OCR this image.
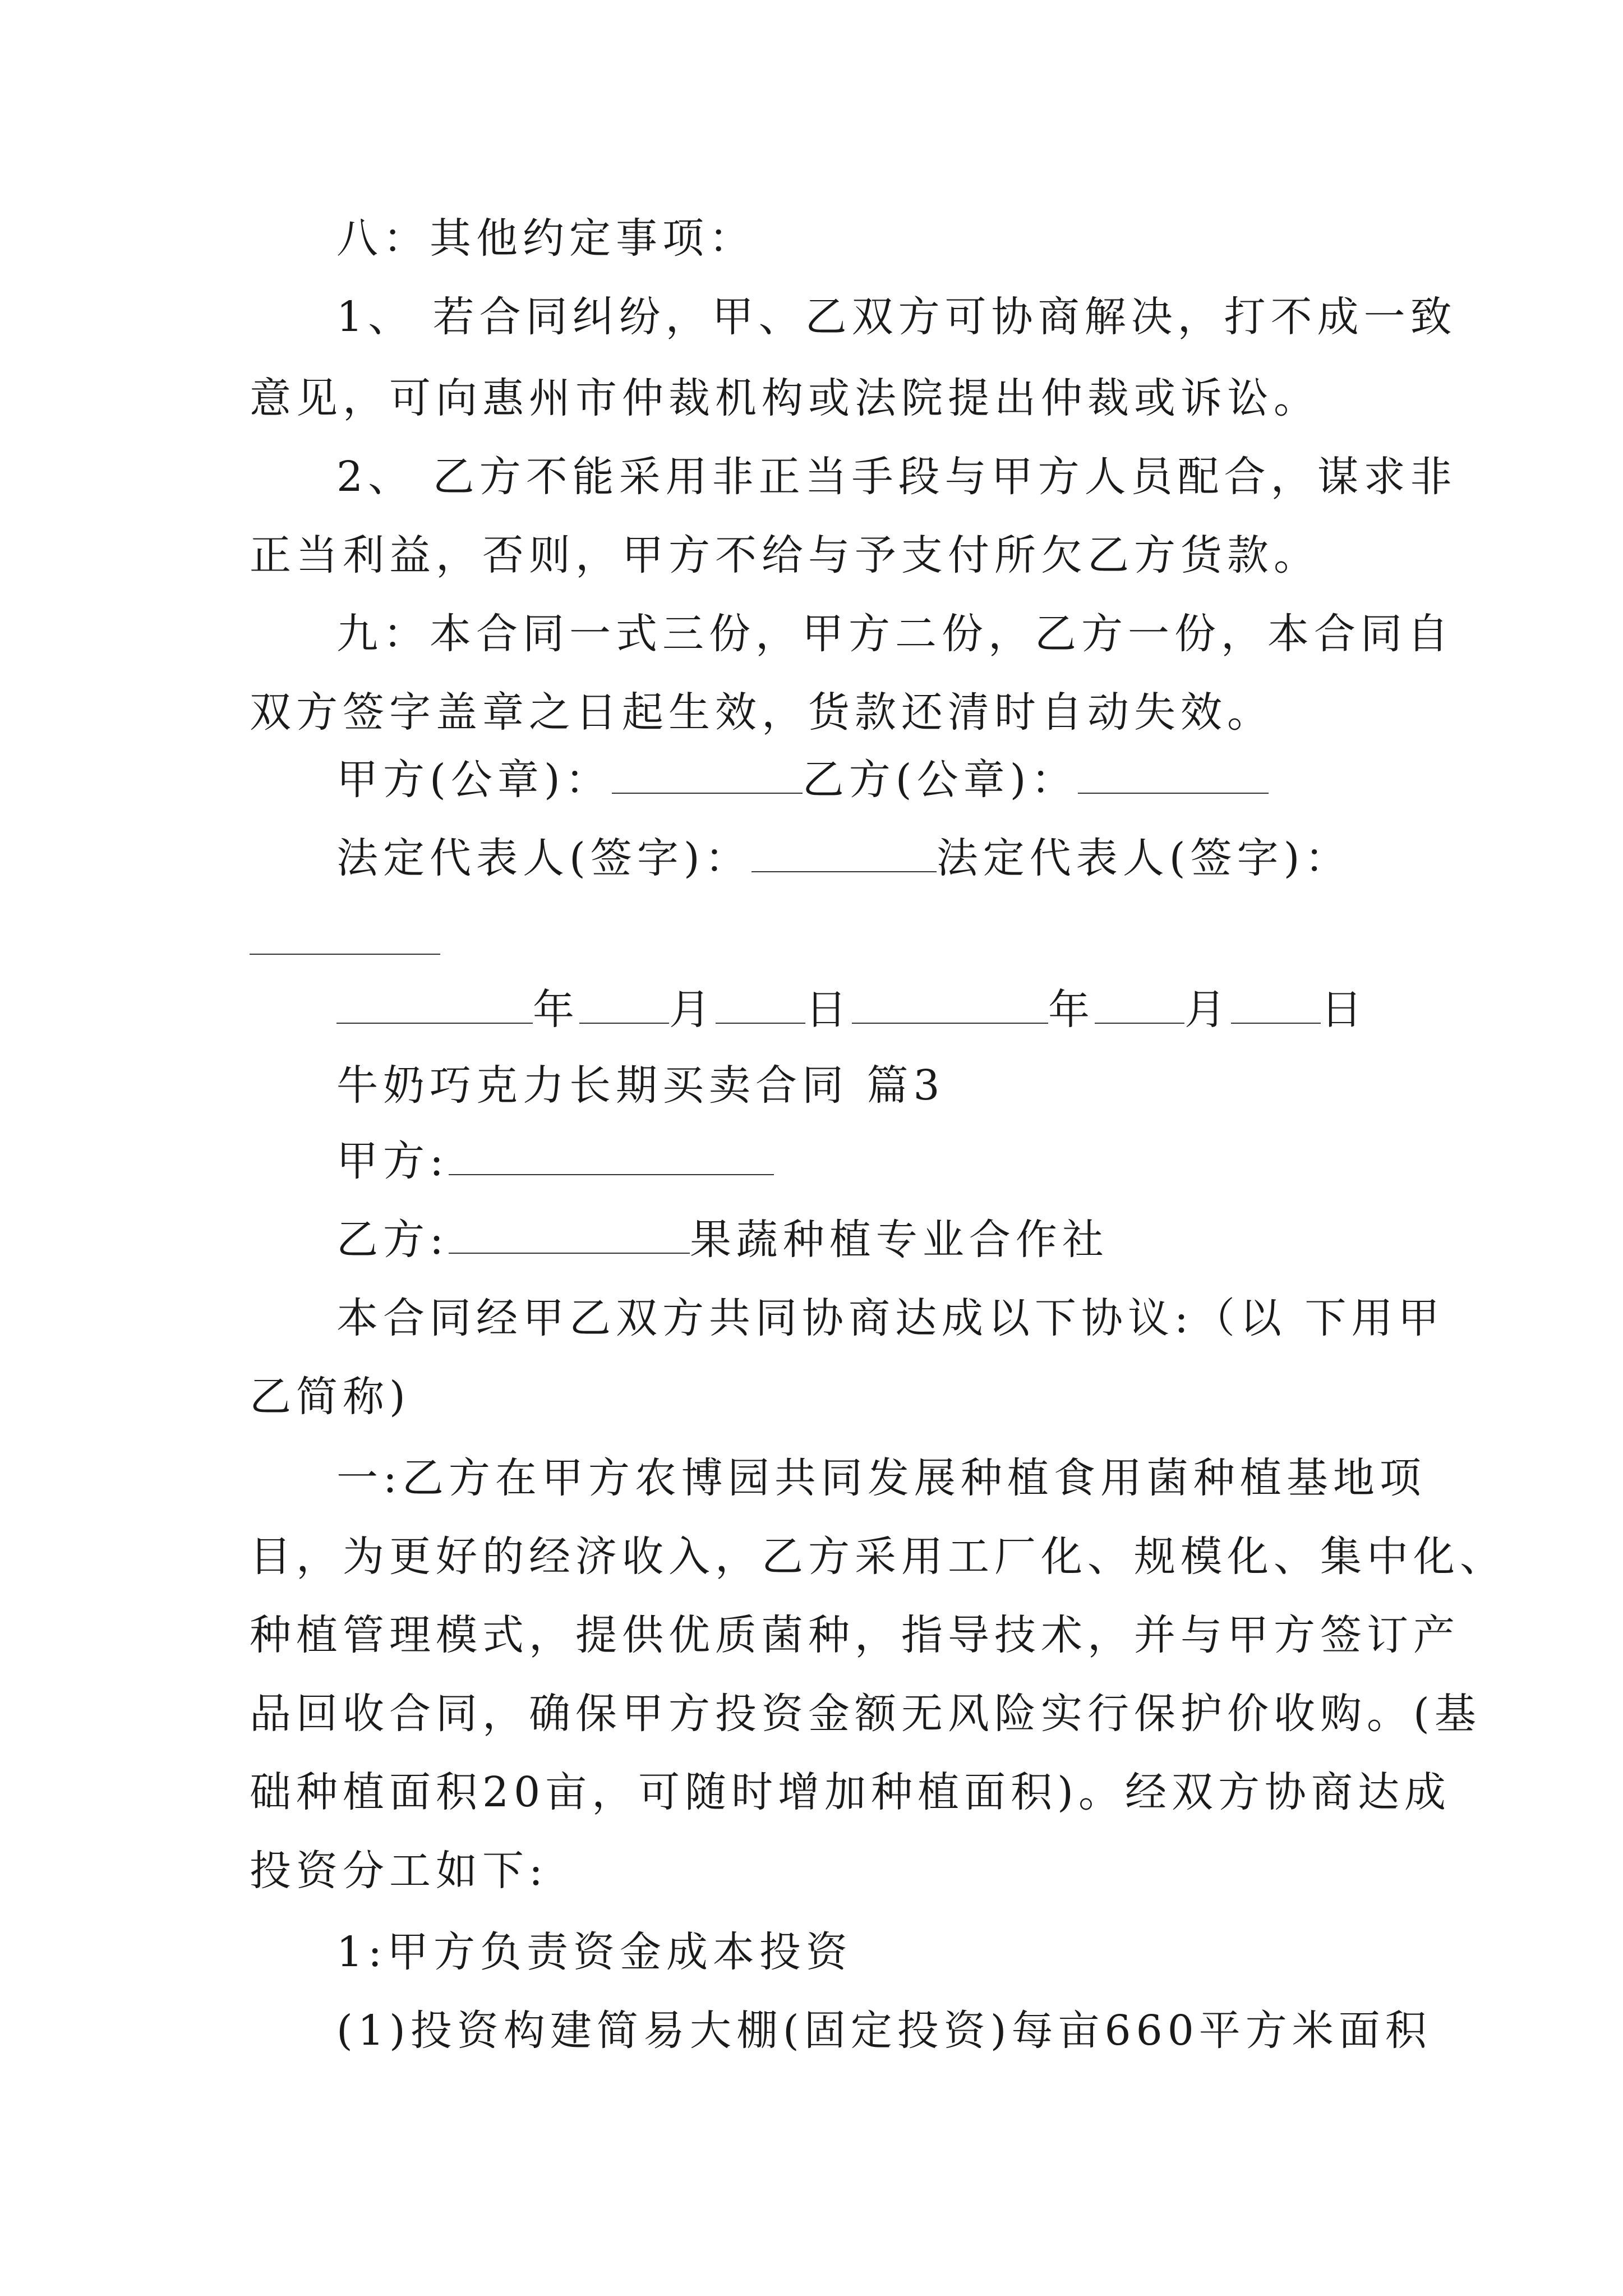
八：其他约定事项：
1、 若合同纠纷，甲、乙双方可协商解决，打不成一致
意见，可向惠州市仲裁机构或法院提出仲裁或诉讼。
2、 乙方不能采用非正当手段与甲方人员配合，谋求非
正当利益，否则，甲方不给与予支付所欠乙方货款。
九：本合同一式三份，甲方二份，乙方一份，本合同自
双方签字盖章之日起生效，货款还清时自动失效。
甲方(公章)：	乙方(公章)：
法定代表人(签字)：	法定代表人(签字)：
年 月 日	年 月 日
牛奶巧克力长期买卖合同 篇3
甲方:
乙方:	果蔬种植专业合作社
本合同经甲乙双方共同协商达成以下协议:（以 下用甲
乙简称)
一:乙方在甲方农博园共同发展种植食用菌种植基地项
目，为更好的经济收入，乙方采用工厂化、规模化、集中化、
种植管理模式，提供优质菌种，指导技术，并与甲方签订产
品回收合同，确保甲方投资金额无风险实行保护价收购。(基
础种植面积20亩，可随时增加种植面积)。经双方协商达成
投资分工如下:
1:甲方负责资金成本投资
(1)投资构建简易大棚(固定投资)每亩660平方米面积
